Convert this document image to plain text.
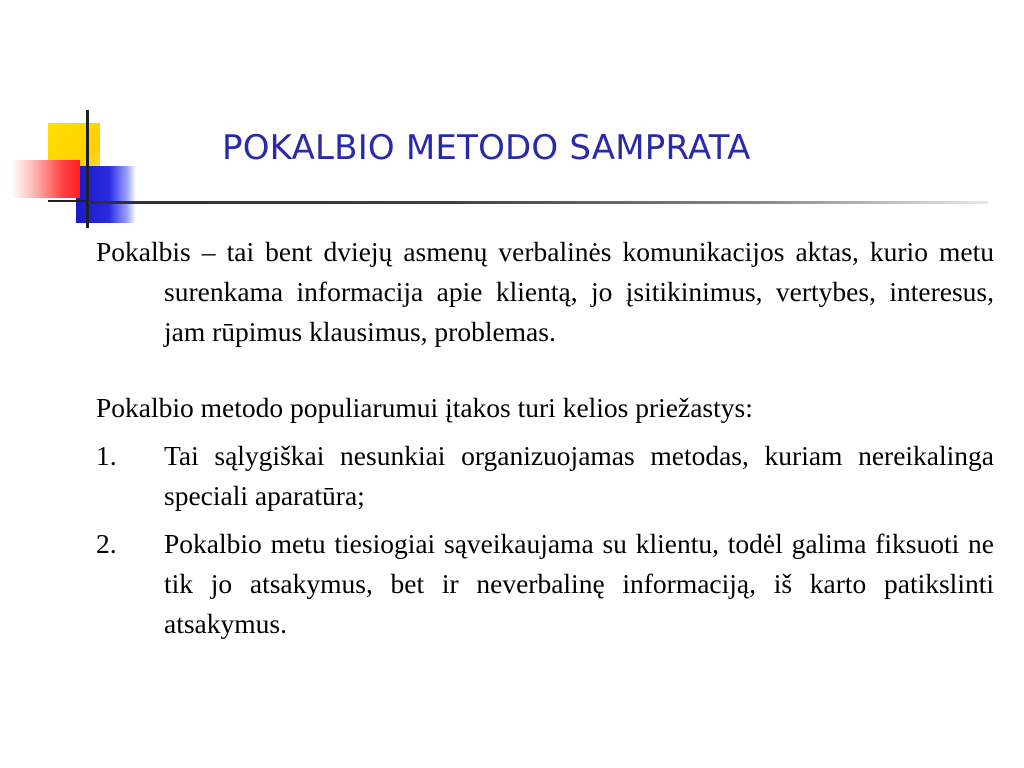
POKALBIO METODO SAMPRATA

Pokalbis – tai bent dviejų asmenų verbalinės komunikacijos aktas, kurio metu surenkama informacija apie klientą, jo įsitikinimus, vertybes, interesus, jam rūpimus klausimus, problemas.

Pokalbio metodo populiarumui įtakos turi kelios priežastys:

1. Tai sąlygiškai nesunkiai organizuojamas metodas, kuriam nereikalinga speciali aparatūra;
2. Pokalbio metu tiesiogiai sąveikaujama su klientu, todėl galima fiksuoti ne tik jo atsakymus, bet ir neverbalinę informaciją, iš karto patikslinti atsakymus.
